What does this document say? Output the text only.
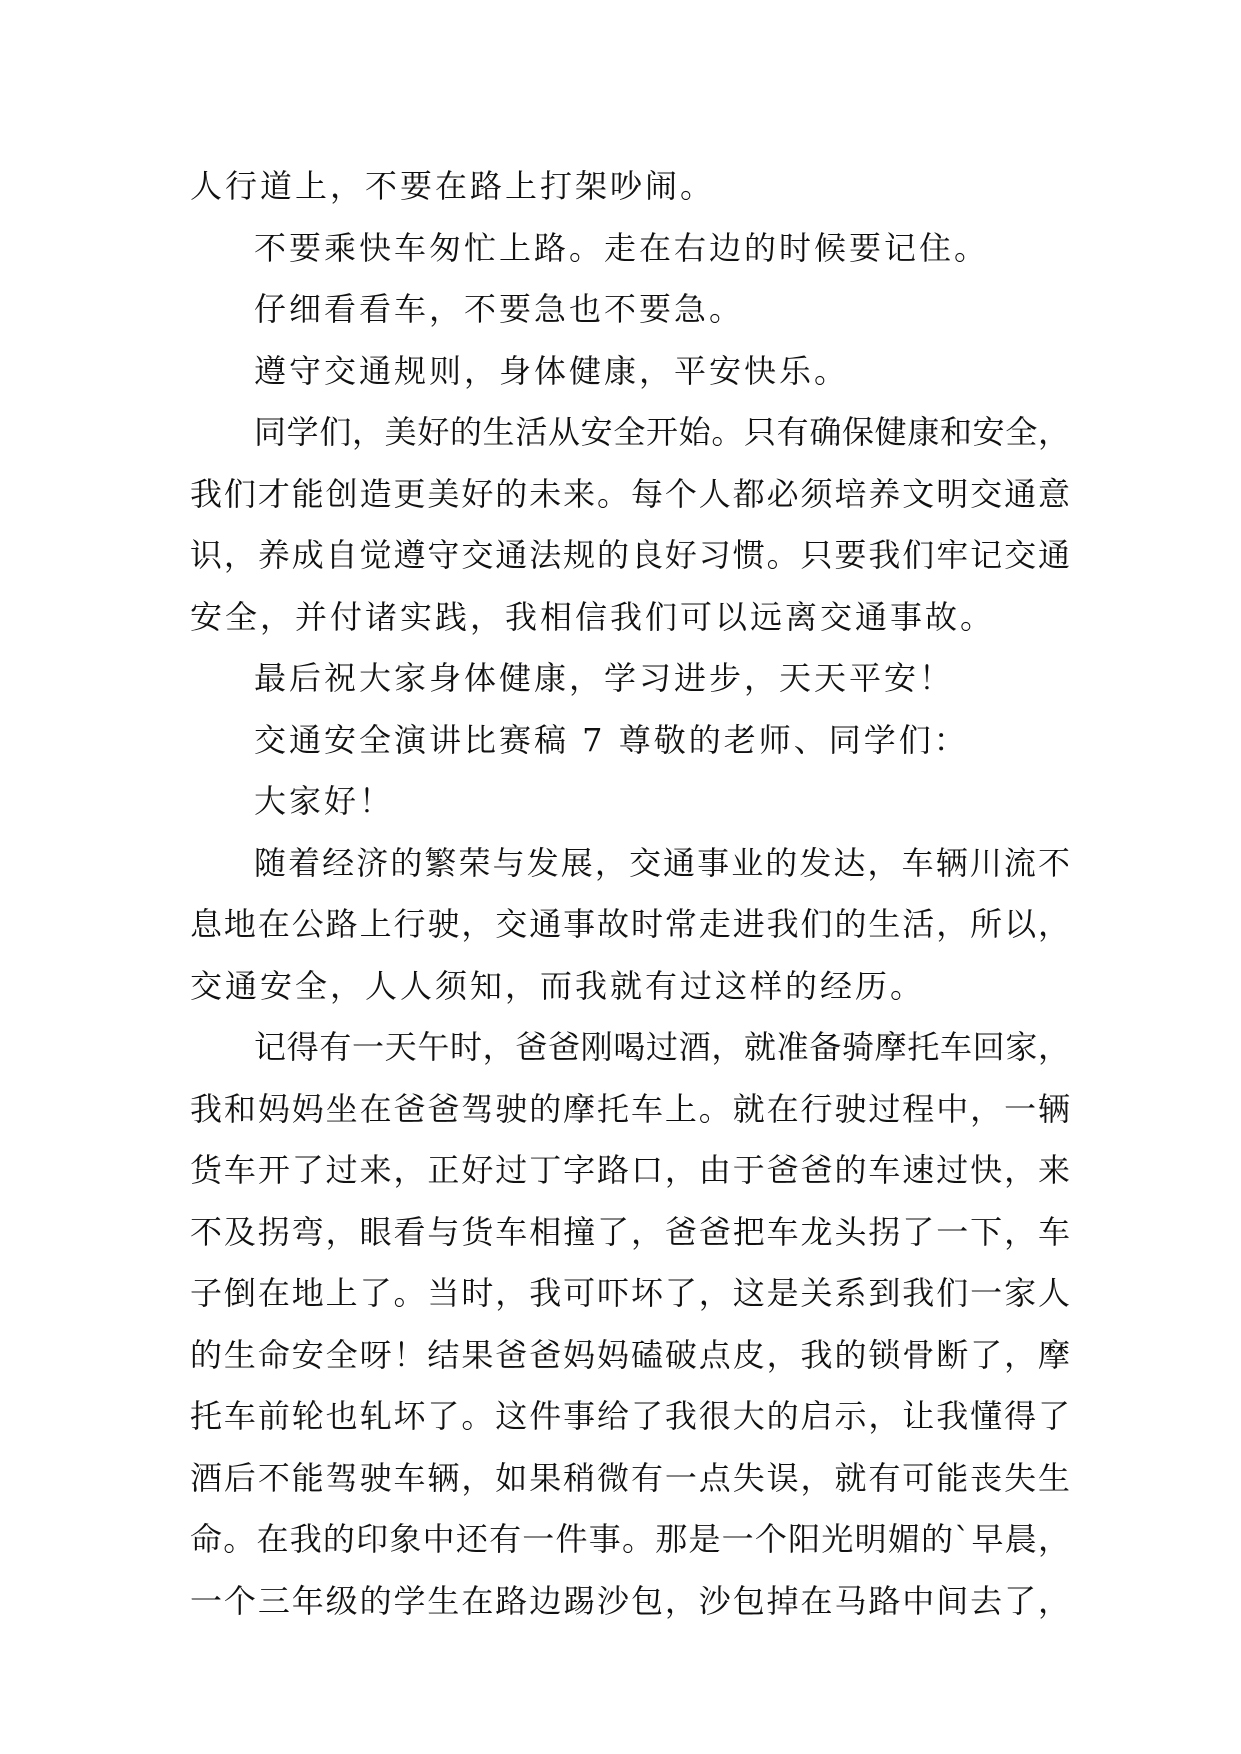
人行道上，不要在路上打架吵闹。
不要乘快车匆忙上路。走在右边的时候要记住。
仔细看看车，不要急也不要急。
遵守交通规则，身体健康，平安快乐。
同学们，美好的生活从安全开始。只有确保健康和安全，
我们才能创造更美好的未来。每个人都必须培养文明交通意
识，养成自觉遵守交通法规的良好习惯。只要我们牢记交通
安全，并付诸实践，我相信我们可以远离交通事故。
最后祝大家身体健康，学习进步，天天平安！
交通安全演讲比赛稿 7 尊敬的老师、同学们：
大家好！
随着经济的繁荣与发展，交通事业的发达，车辆川流不
息地在公路上行驶，交通事故时常走进我们的生活，所以，
交通安全，人人须知，而我就有过这样的经历。
记得有一天午时，爸爸刚喝过酒，就准备骑摩托车回家，
我和妈妈坐在爸爸驾驶的摩托车上。就在行驶过程中，一辆
货车开了过来，正好过丁字路口，由于爸爸的车速过快，来
不及拐弯，眼看与货车相撞了，爸爸把车龙头拐了一下，车
子倒在地上了。当时，我可吓坏了，这是关系到我们一家人
的生命安全呀！结果爸爸妈妈磕破点皮，我的锁骨断了，摩
托车前轮也轧坏了。这件事给了我很大的启示，让我懂得了
酒后不能驾驶车辆，如果稍微有一点失误，就有可能丧失生
命。在我的印象中还有一件事。那是一个阳光明媚的`早晨，
一个三年级的学生在路边踢沙包，沙包掉在马路中间去了，
